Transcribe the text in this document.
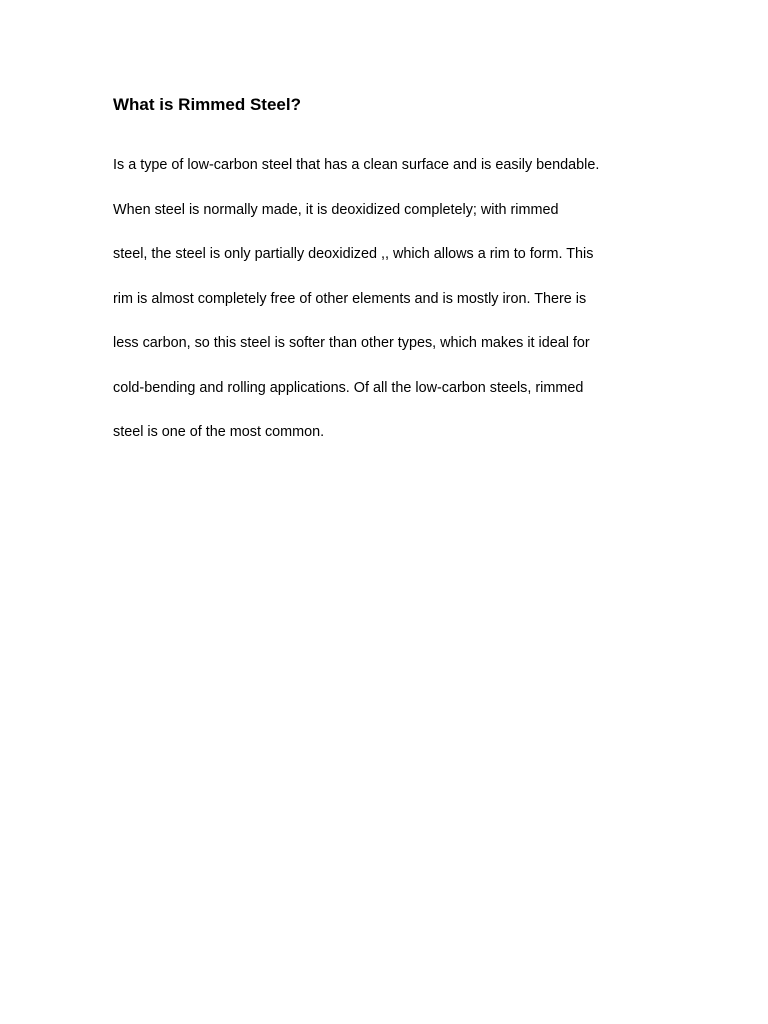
What is Rimmed Steel?
Is a type of low-carbon steel that has a clean surface and is easily bendable.
When steel is normally made, it is deoxidized completely; with rimmed
steel, the steel is only partially deoxidized ,, which allows a rim to form. This
rim is almost completely free of other elements and is mostly iron. There is
less carbon, so this steel is softer than other types, which makes it ideal for
cold-bending and rolling applications. Of all the low-carbon steels, rimmed
steel is one of the most common.
